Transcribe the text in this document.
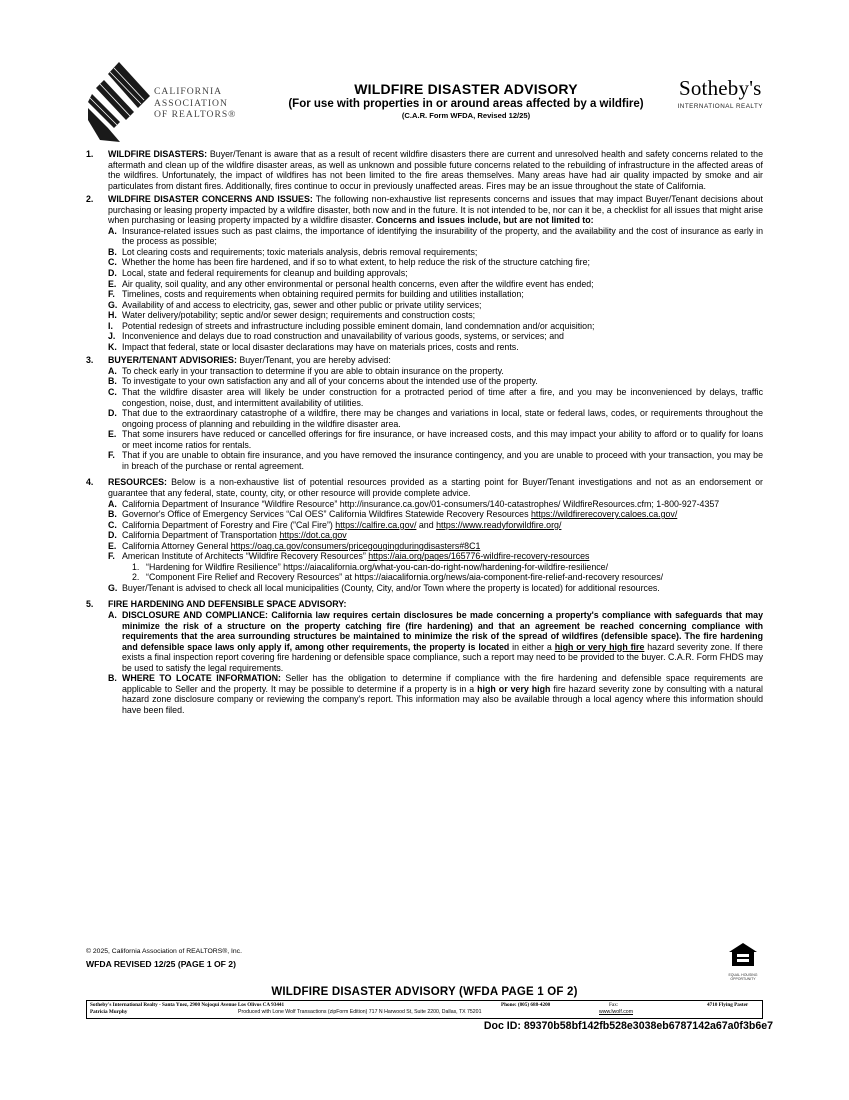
CALIFORNIA
ASSOCIATION
OF REALTORS®
WILDFIRE DISASTER ADVISORY
(For use with properties in or around areas affected by a wildfire)
(C.A.R. Form WFDA, Revised 12/25)
Sotheby's
INTERNATIONAL REALTY
1. WILDFIRE DISASTERS: Buyer/Tenant is aware that as a result of recent wildfire disasters there are current and unresolved health and safety concerns related to the aftermath and clean up of the wildfire disaster areas, as well as unknown and possible future concerns related to the rebuilding of infrastructure in the affected areas of the wildfires. Unfortunately, the impact of wildfires has not been limited to the fire areas themselves. Many areas have had air quality impacted by smoke and air particulates from distant fires. Additionally, fires continue to occur in previously unaffected areas. Fires may be an issue throughout the state of California.

2. WILDFIRE DISASTER CONCERNS AND ISSUES: The following non-exhaustive list represents concerns and issues that may impact Buyer/Tenant decisions about purchasing or leasing property impacted by a wildfire disaster, both now and in the future. It is not intended to be, nor can it be, a checklist for all issues that might arise when purchasing or leasing property impacted by a wildfire disaster. Concerns and issues include, but are not limited to:

A. Insurance-related issues such as past claims, the importance of identifying the insurability of the property, and the availability and the cost of insurance as early in the process as possible;
B. Lot clearing costs and requirements; toxic materials analysis, debris removal requirements;
C. Whether the home has been fire hardened, and if so to what extent, to help reduce the risk of the structure catching fire;
D. Local, state and federal requirements for cleanup and building approvals;
E. Air quality, soil quality, and any other environmental or personal health concerns, even after the wildfire event has ended;
F. Timelines, costs and requirements when obtaining required permits for building and utilities installation;
G. Availability of and access to electricity, gas, sewer and other public or private utility services;
H. Water delivery/potability; septic and/or sewer design; requirements and construction costs;
I. Potential redesign of streets and infrastructure including possible eminent domain, land condemnation and/or acquisition;
J. Inconvenience and delays due to road construction and unavailability of various goods, systems, or services; and
K. Impact that federal, state or local disaster declarations may have on materials prices, costs and rents.
3. BUYER/TENANT ADVISORIES: Buyer/Tenant, you are hereby advised:

A. To check early in your transaction to determine if you are able to obtain insurance on the property.
B. To investigate to your own satisfaction any and all of your concerns about the intended use of the property.
C. That the wildfire disaster area will likely be under construction for a protracted period of time after a fire, and you may be inconvenienced by delays, traffic congestion, noise, dust, and intermittent availability of utilities.
D. That due to the extraordinary catastrophe of a wildfire, there may be changes and variations in local, state or federal laws, codes, or requirements throughout the ongoing process of planning and rebuilding in the wildfire disaster area.
E. That some insurers have reduced or cancelled offerings for fire insurance, or have increased costs, and this may impact your ability to afford or to qualify for loans or meet income ratios for rentals.
F. That if you are unable to obtain fire insurance, and you have removed the insurance contingency, and you are unable to proceed with your transaction, you may be in breach of the purchase or rental agreement.
4. RESOURCES: Below is a non-exhaustive list of potential resources provided as a starting point for Buyer/Tenant investigations and not as an endorsement or guarantee that any federal, state, county, city, or other resource will provide complete advice.

A. California Department of Insurance “Wildfire Resource” http://insurance.ca.gov/01-consumers/140-catastrophes/ WildfireResources.cfm; 1-800-927-4357
B. Governor's Office of Emergency Services “Cal OES” California Wildfires Statewide Recovery Resources https://wildfirerecovery.caloes.ca.gov/
C. California Department of Forestry and Fire (”Cal Fire”) https://calfire.ca.gov/ and https://www.readyforwildfire.org/
D. California Department of Transportation https://dot.ca.gov
E. California Attorney General https://oag.ca.gov/consumers/pricegougingduringdisasters#8C1
F. American Institute of Architects “Wildfire Recovery Resources” https://aia.org/pages/165776-wildfire-recovery-resources
1. “Hardening for Wildfire Resilience” https://aiacalifornia.org/what-you-can-do-right-now/hardening-for-wildfire-resilience/
2. “Component Fire Relief and Recovery Resources” at https://aiacalifornia.org/news/aia-component-fire-relief-and-recovery resources/
G. Buyer/Tenant is advised to check all local municipalities (County, City, and/or Town where the property is located) for additional resources.
5. FIRE HARDENING AND DEFENSIBLE SPACE ADVISORY:

A. DISCLOSURE AND COMPLIANCE: California law requires certain disclosures be made concerning a property's compliance with safeguards that may minimize the risk of a structure on the property catching fire (fire hardening) and that an agreement be reached concerning compliance with requirements that the area surrounding structures be maintained to minimize the risk of the spread of wildfires (defensible space). The fire hardening and defensible space laws only apply if, among other requirements, the property is located in either a high or very high fire hazard severity zone. If there exists a final inspection report covering fire hardening or defensible space compliance, such a report may need to be provided to the buyer. C.A.R. Form FHDS may be used to satisfy the legal requirements.
B. WHERE TO LOCATE INFORMATION: Seller has the obligation to determine if compliance with the fire hardening and defensible space requirements are applicable to Seller and the property. It may be possible to determine if a property is in a high or very high fire hazard severity zone by consulting with a natural hazard zone disclosure company or reviewing the company's report. This information may also be available through a local agency where this information should have been filed.
© 2025, California Association of REALTORS®, Inc.
WFDA REVISED 12/25 (PAGE 1 OF 2)
EQUAL HOUSING OPPORTUNITY
WILDFIRE DISASTER ADVISORY (WFDA PAGE 1 OF 2)
Sotheby's International Realty - Santa Ynez, 2900 Nojoqui Avenue Los Olivos CA 93441	Phone: (805) 688-4200	Fax:	4710 Flying Paster
Patricia Murphy	Produced with Lone Wolf Transactions (zipForm Edition) 717 N Harwood St, Suite 2200, Dallas, TX 75201	www.lwolf.com
Doc ID: 89370b58bf142fb528e3038eb6787142a67a0f3b6e7
